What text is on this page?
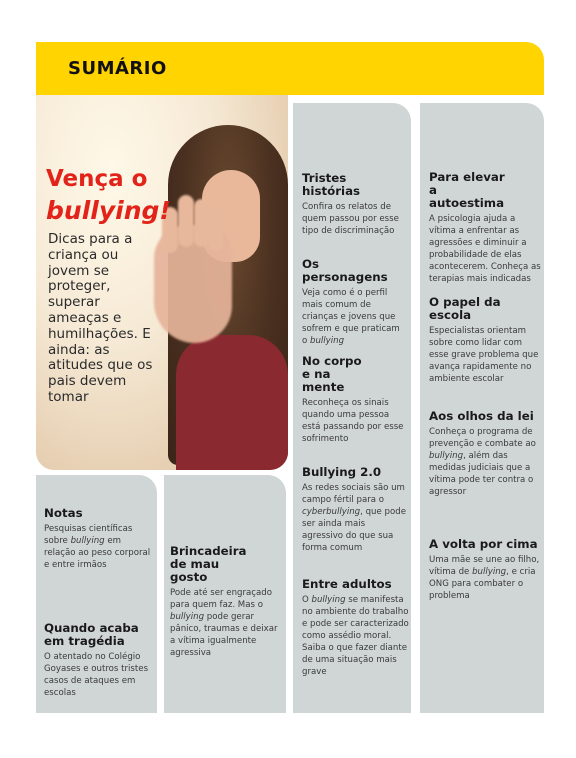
SUMÁRIO
Vença o
bullying!
Dicas para a criança ou jovem se proteger, superar ameaças e humilhações. E ainda: as atitudes que os pais devem tomar
Tristes histórias

Confira os relatos de quem passou por esse tipo de discriminação

Os personagens

Veja como é o perfil mais comum de crianças e jovens que sofrem e que praticam o bullying

No corpo e na mente

Reconheça os sinais quando uma pessoa está passando por esse sofrimento

Bullying 2.0

As redes sociais são um campo fértil para o cyberbullying, que pode ser ainda mais agressivo do que sua forma comum

Entre adultos

O bullying se manifesta no ambiente do trabalho e pode ser caracterizado como assédio moral. Saiba o que fazer diante de uma situação mais grave

Para elevar a autoestima

A psicologia ajuda a vítima a enfrentar as agressões e diminuir a probabilidade de elas acontecerem. Conheça as terapias mais indicadas

O papel da escola

Especialistas orientam sobre como lidar com esse grave problema que avança rapidamente no ambiente escolar

Aos olhos da lei

Conheça o programa de prevenção e combate ao bullying, além das medidas judiciais que a vítima pode ter contra o agressor

A volta por cima

Uma mãe se une ao filho, vítima de bullying, e cria ONG para combater o problema

Notas

Pesquisas científicas sobre bullying em relação ao peso corporal e entre irmãos

Quando acaba em tragédia

O atentado no Colégio Goyases e outros tristes casos de ataques em escolas

Brincadeira de mau gosto

Pode até ser engraçado para quem faz. Mas o bullying pode gerar pânico, traumas e deixar a vítima igualmente agressiva
